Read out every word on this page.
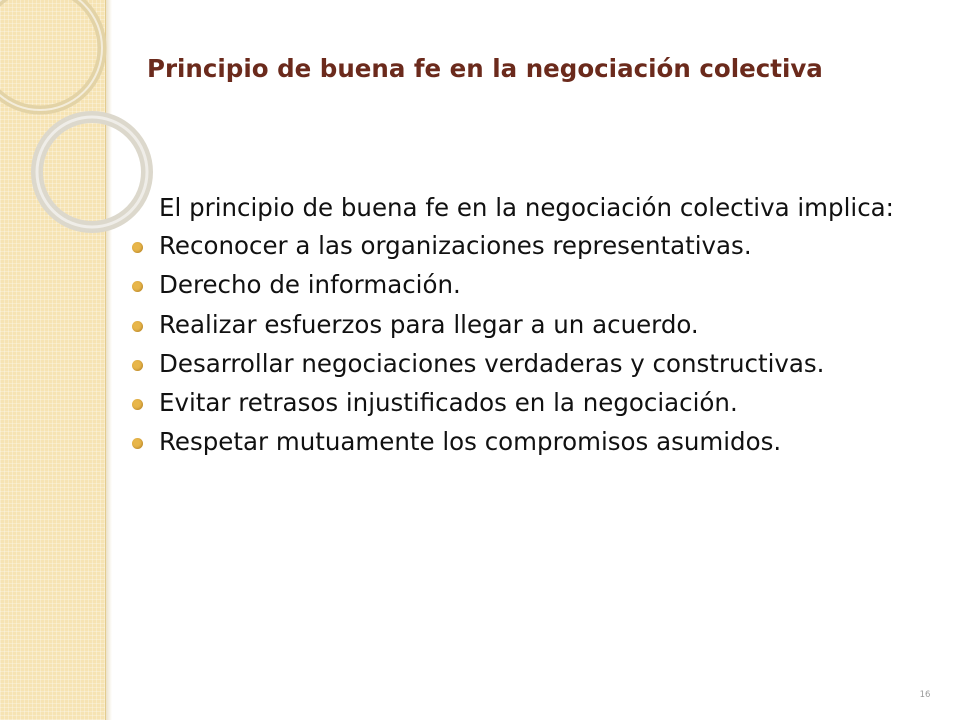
Principio de buena fe en la negociación colectiva

El principio de buena fe en la negociación colectiva implica:

Reconocer a las organizaciones representativas.
Derecho de información.
Realizar esfuerzos para llegar a un acuerdo.
Desarrollar negociaciones verdaderas y constructivas.
Evitar retrasos injustificados en la negociación.
Respetar mutuamente los compromisos asumidos.
16
